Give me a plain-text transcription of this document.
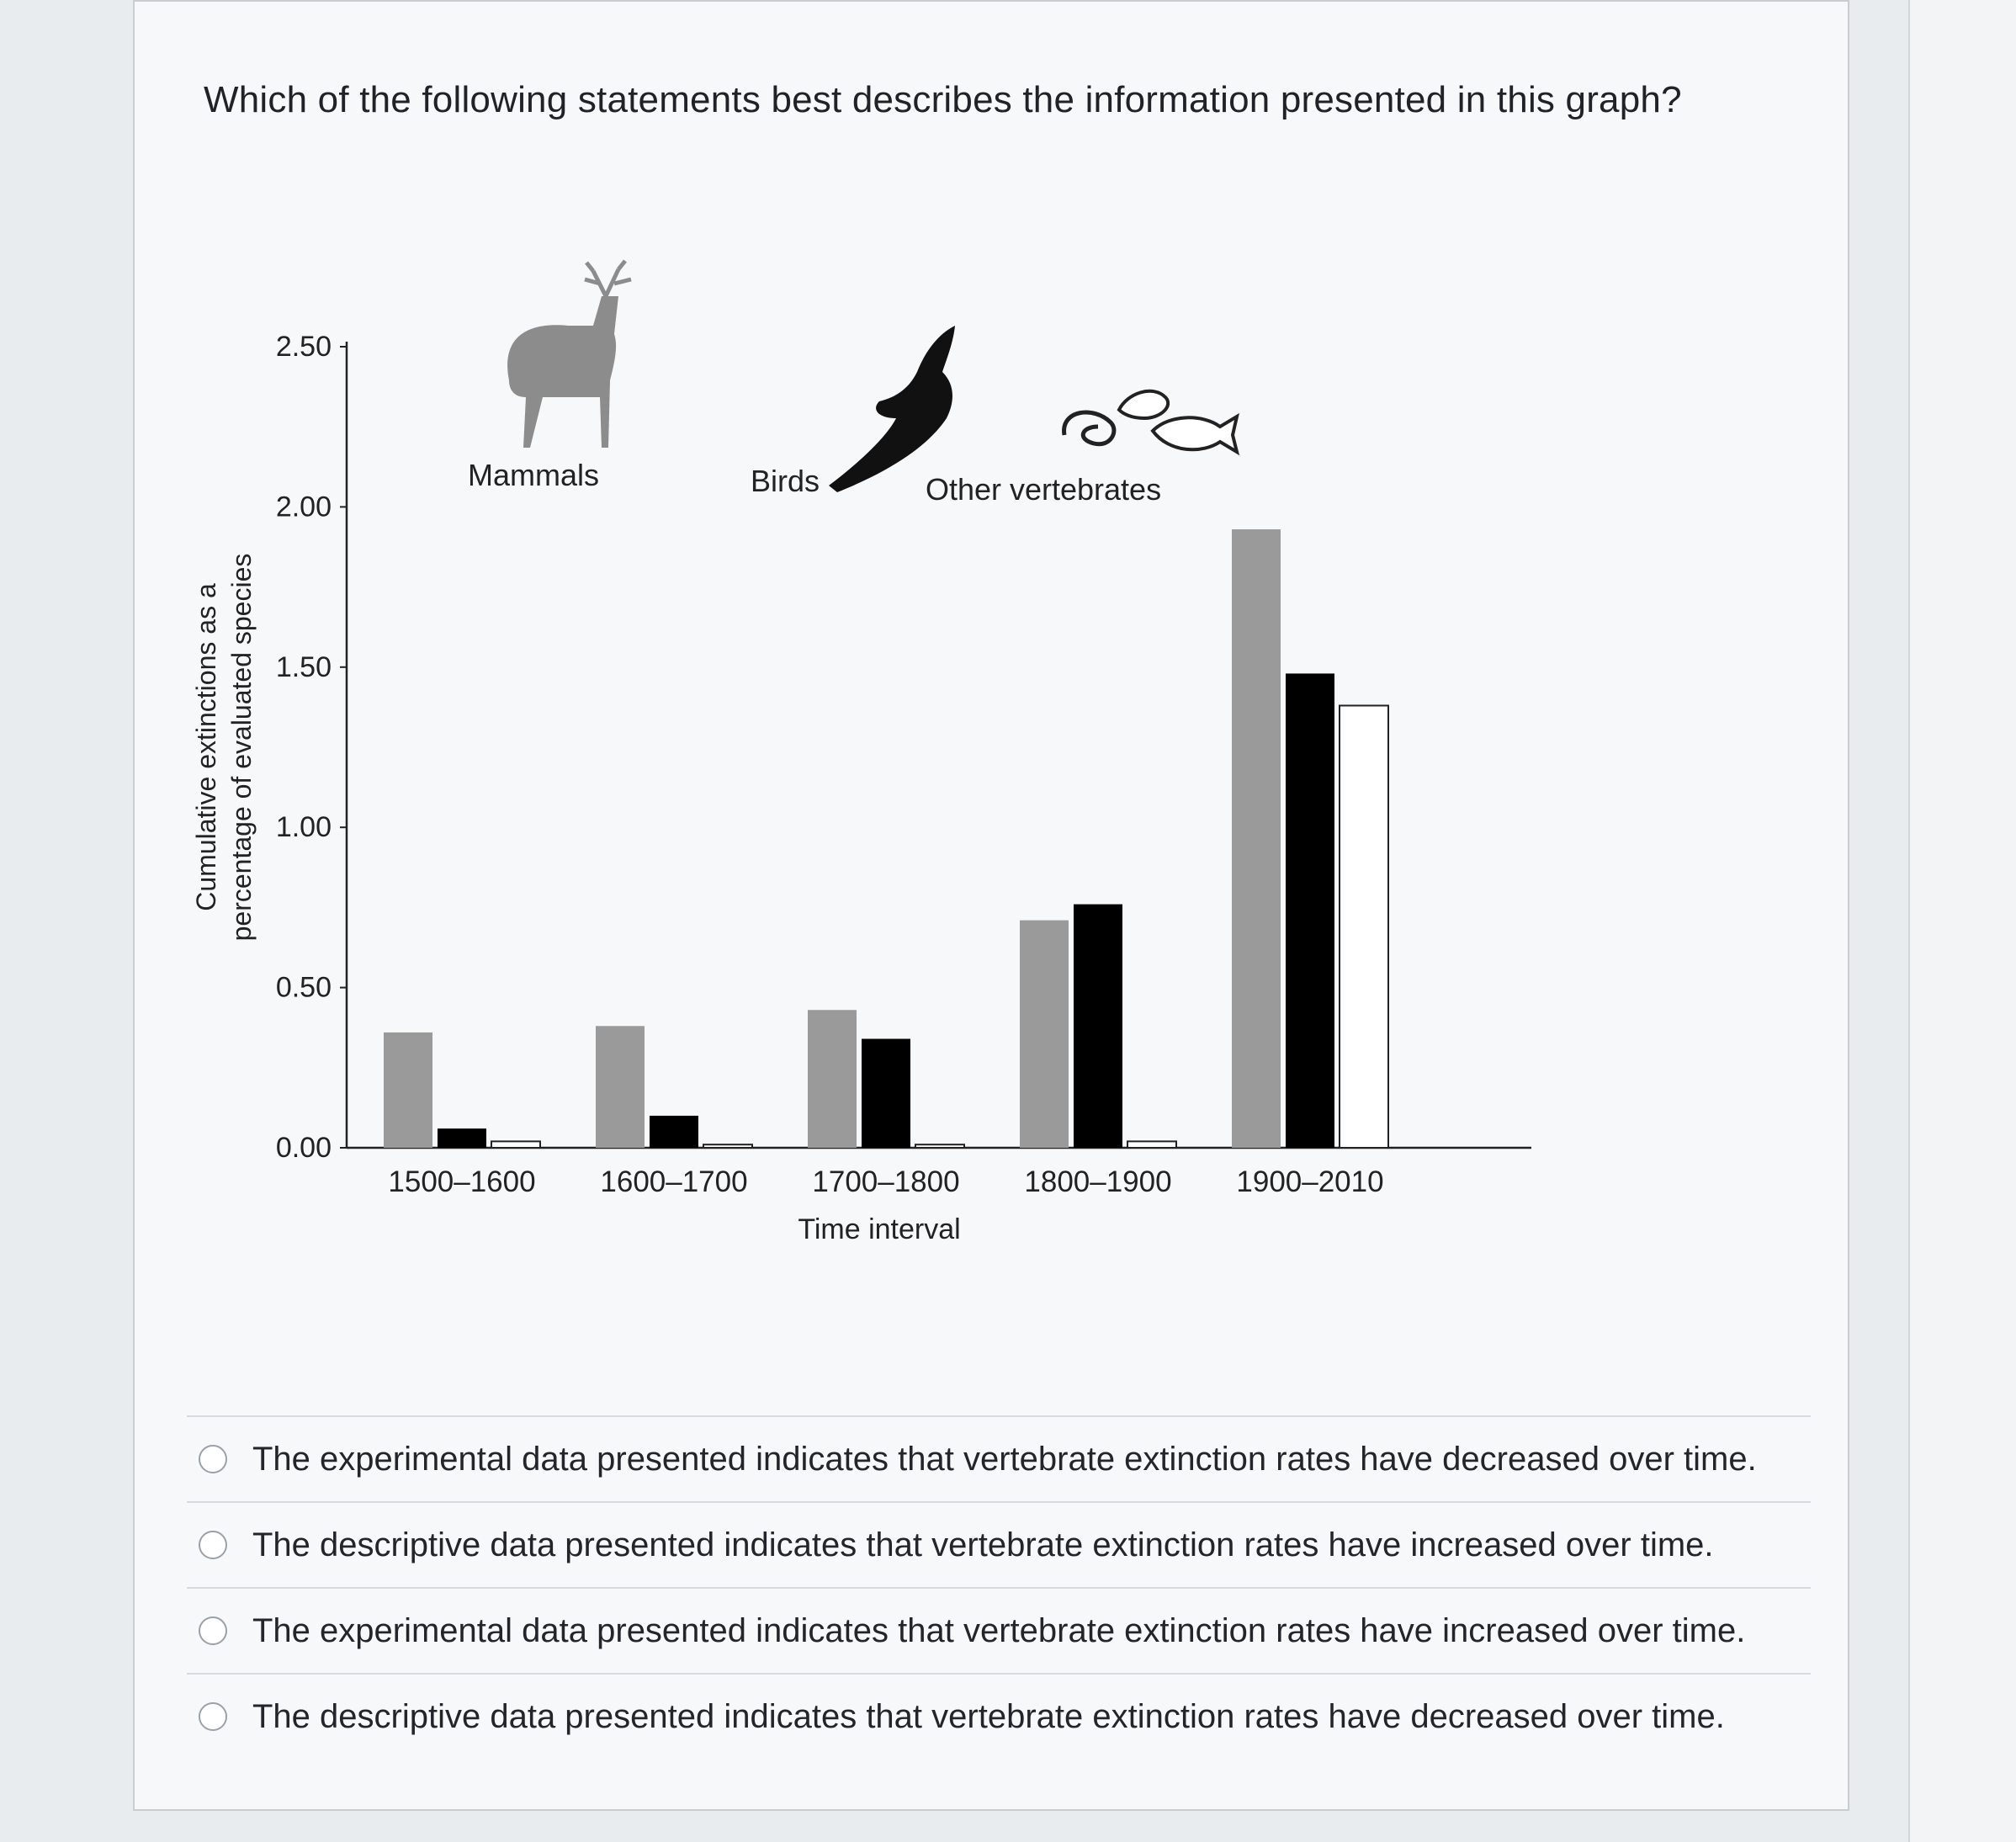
Which of the following statements best describes the information presented in this graph?
0.00
0.50
1.00
1.50
2.00
2.50
Cumulative extinctions as a percentage of evaluated species
1500–1600 1600–1700 1700–1800 1800–1900 1900–2010
Time interval
Mammals	Birds	Other vertebrates
The experimental data presented indicates that vertebrate extinction rates have decreased over time.
The descriptive data presented indicates that vertebrate extinction rates have increased over time.
The experimental data presented indicates that vertebrate extinction rates have increased over time.
The descriptive data presented indicates that vertebrate extinction rates have decreased over time.
